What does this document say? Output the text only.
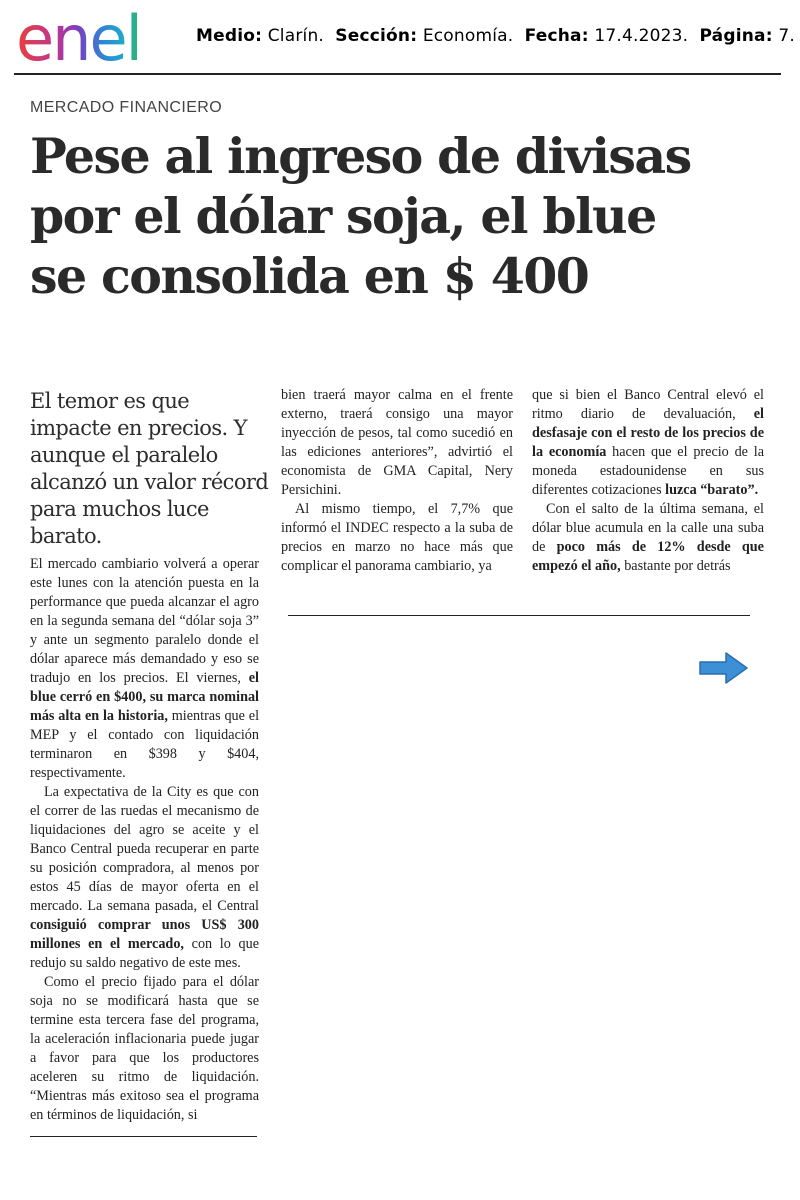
enel	Medio: Clarín. Sección: Economía. Fecha: 17.4.2023. Página: 7.
MERCADO FINANCIERO
Pese al ingreso de divisas
por el dólar soja, el blue
se consolida en $ 400
El temor es que impacte en precios. Y aunque el paralelo alcanzó un valor récord para muchos luce barato.

El mercado cambiario volverá a operar este lunes con la atención puesta en la performance que pueda alcanzar el agro en la segunda semana del “dólar soja 3” y ante un segmento paralelo donde el dólar aparece más demandado y eso se tradujo en los precios. El viernes, el blue cerró en $400, su marca nominal más alta en la historia, mientras que el MEP y el contado con liquidación terminaron en $398 y $404, respectivamente.

La expectativa de la City es que con el correr de las ruedas el mecanismo de liquidaciones del agro se aceite y el Banco Central pueda recuperar en parte su posición compradora, al menos por estos 45 días de mayor oferta en el mercado. La semana pasada, el Central consiguió comprar unos US$ 300 millones en el mercado, con lo que redujo su saldo negativo de este mes.

Como el precio fijado para el dólar soja no se modificará hasta que se termine esta tercera fase del programa, la aceleración inflacionaria puede jugar a favor para que los productores aceleren su ritmo de liquidación. “Mientras más exitoso sea el programa en términos de liquidación, si

bien traerá mayor calma en el frente externo, traerá consigo una mayor inyección de pesos, tal como sucedió en las ediciones anteriores”, advirtió el economista de GMA Capital, Nery Persichini.

Al mismo tiempo, el 7,7% que informó el INDEC respecto a la suba de precios en marzo no hace más que complicar el panorama cambiario, ya

que si bien el Banco Central elevó el ritmo diario de devaluación, el desfasaje con el resto de los precios de la economía hacen que el precio de la moneda estadounidense en sus diferentes cotizaciones luzca “barato”.

Con el salto de la última semana, el dólar blue acumula en la calle una suba de poco más de 12% desde que empezó el año, bastante por detrás
